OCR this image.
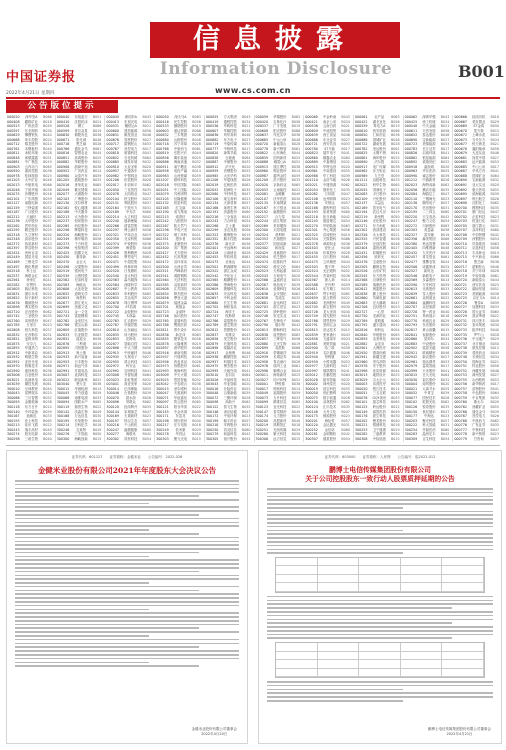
中国证券报
信息披露
Information Disclosure	B001
2022年4月21日 星期四	www.cs.com.cn
公告版位提示
000020 深华发A B066
000408 藏格矿业 B018
000523 广州浪奇 B049
000597 东北制药 B030
000629 攀钢钒钛 B044
000668 荣丰控股 B024
000712 锦龙股份 B014
000761 本钢板材 B040
000811 冰轮环境 B028
000848 承德露露 B051
000881 中广核技 B019
000903 云内动力 B065
000950 重药控股 B036
000978 桂林旅游 B025
001203 大中矿业 B048
002013 中航机电 B066
002048 宁波华翔 B038
002075 沙钢股份 B016
002101 广东鸿图 B059
002127 南极电商 B033
002159 三特索道 B052
002187 广百股份 B045
002212 天融信 B022
002236 大华股份 B037
002262 恩华药业 B061
002295 精艺股份 B029
002318 久立特材 B050
002348 高乐股份 B015
002372 伟星新材 B043
002397 梦洁股份 B034
002424 贵州百灵 B021
002449 国星光电 B058
002469 三维化学 B046
002497 雅化集团 B027
002518 科士达 B053
002537 海联金汇 B017
002561 徐家汇 B041
002582 好想你 B064
002605 姚记科技 B032
002631 德尔未来 B020
002652 扬子新材 B055
002676 顺威股份 B039
002698 博实股份 B026
002720 宏良股份 B062
002742 三圣股份 B035
002760 凤形股份 B047
002785 万里石 B023
002808 恒久科技 B057
002832 比音勒芬 B031
002851 麦格米特 B060
002875 安奈儿 B042
002893 华通热力 B054
002912 中新赛克 B063
002932 明德生物 B056
002952 亚世光电 B019
002970 锐明技术 B066
002990 盛视科技 B036
003006 百亚股份 B048
003021 兆威机电 B028
003039 顺控发展 B061
300010 豆神教育 B044
300043 星辉娱乐 B025
300066 三川智慧 B052
300093 金刚玻璃 B038
300118 东方日升 B014
300140 中环装备 B059
300167 迪威迅 B033
300193 佳士科技 B065
300213 佳讯飞鸿 B022
300243 瑞丰高材 B049
300274 阳光电源 B030
300298 三诺生物 B040
000040 东旭蓝天 B051
000410 沈阳机床 B024
000528	柳工	B066
000599 青岛双星 B019
000630 铜陵有色 B036
000671 阳光城 B048
000716 黑芝麻 B028
000766 通化金马 B061
000816 智慧农业 B044
000851 高鸿股份 B025
000882 华联股份 B052
000906 浙商中拓 B038
000952 广济药业 B014
000980 众泰汽车 B059
001205 盛航股份 B033
002016 世荣兆业 B065
002049 紫光国微 B022
002077 大港股份 B049
002103 广博股份 B030
002130 沃尔核材 B040
002162 悦心健康 B018
002188 中天服务 B029
002213 大为股份 B050
002237 恒邦股份 B015
002265 西仪股份 B043
002296 辉煌科技 B034
002320 海峡股份 B021
002349 精华制药 B058
002373 千方科技 B046
002398 垒知集团 B027
002425 凯撒文化 B053
002450 康得新 B017
002470 金正大 B041
002498 汉缆股份 B064
002519 银河电子 B032
002539 云图控股 B020
002562 兄弟科技 B055
002583 海能达 B039
002606 大连电瓷 B026
002632 道明光学 B062
002653 海思科 B035
002677 浙江美大 B047
002699 美盛文化 B023
002721 金一文化 B057
002743 富煌钢构 B031
002762 金发拉比 B060
002786 银宝山新 B042
002809 红墙股份 B054
002833 弘亚数控 B063
002852 道道全 B056
002876 三利谱 B019
002895 川恒股份 B066
002913 奥士康 B036
002933 新兴装备 B048
002953 日丰股份 B028
002971 和远气体 B061
002991 甘源食品 B044
003007 直真科技 B025
003022 联泓新科 B052
003040 楚天龙 B038
300012 华测检测 B014
300045 华力创通 B059
300068 南都电源 B033
300094 国联水产 B065
300119 瑞普生物 B022
300142 沃森生物 B049
300168 万达信息 B030
300195 长荣股份 B040
300214 日科化学 B018
300246 宝莱特 B029
300276 三丰智能 B050
300300 海峡创新 B015
000045 深纺织A B043
000413 东旭光电 B034
000531 穗恒运A B021
000600 建投能源 B058
000631 顺发恒业 B046
000676 智度股份 B027
000717 韶钢松山 B053
000767 晋控电力 B017
000818 航锦科技 B041
000852 石化机械 B064
000885 城发环境 B032
000910 大亚圣象 B020
000957 中通客车 B055
000982 中银绒业 B039
001206 依依股份 B026
002017 东信和平 B062
002050 三花智控 B035
002078 太阳纸业 B047
002104 恒宝股份 B023
002131 利欧股份 B057
002164 宁波东力 B031
002189 中光学 B060
002214 大立科技 B042
002240 盛新锂能 B054
002266 浙富控股 B063
002297 博云新材 B056
002321 华英农业 B019
002350 北京科锐 B066
002374 中锐股份 B036
002399 海普瑞 B048
002426 胜利精密 B028
002451 摩恩电气 B061
002471 中超控股 B044
002499 科林环保 B025
002520 日发精机 B052
002540 亚太科技 B038
002563 森马服饰 B014
002584 西陇科学 B059
002607 中公教育 B033
002633 申科股份 B065
002655 共达电声 B022
002678 珠江钢琴 B049
002700 ST浩源 B030
002722 金轮股份 B040
002745 木林森 B018
002763 汇洁股份 B029
002787 华源控股 B050
002810 山东赫达 B015
002835 同为股份 B043
002853 皮阿诺 B034
002877 智能自控 B021
002896 中大力德 B058
002915 中欣氟材 B046
002935 天奥电子 B027
002955 鸿合科技 B053
002972 科安达 B017
002992 宝明科技 B041
003008 开普检测 B064
003023 彩虹集团 B032
003041 真爱美家 B020
300014 亿纬锂能 B055
300046 台基股份 B039
300070 碧水源 B026
300096 易联众 B062
300120 经纬辉开 B035
300144 宋城演艺 B047
300169 天晟新材 B023
300197 铁汉生态 B057
300216 千山药机 B031
300247 融捷健康 B060
300277 海联讯 B042
300302 同有科技 B054
000050 深天马A B063
000416 民生控股 B056
000533 顺钠股份 B019
000603 盛达资源 B066
000632 三木集团 B036
000680 山推股份 B048
000718 苏宁环球 B028
000768 中航西飞 B061
000819 岳阳兴长 B044
000856 冀东装备 B025
000886 海南高速 B052
000911 南宁糖业 B038
000958 电投产融 B014
000983 山西焦煤 B059
001207 联科科技 B033
002018 华信国际 B065
002051 中工国际 B022
002079 苏州固锝 B049
002105 信隆健康 B030
002132 恒星科技 B040
002165 红宝丽 B018
002190 成飞集成 B029
002215 诺普信 B050
002242 九阳股份 B015
002267 陕天然气 B043
002298 中电兴发 B034
002322 理工环科 B021
002351 漫步者 B058
002375 亚厦股份 B046
002400 省广集团 B027
002427 尤夫股份 B053
002452 长高集团 B017
002472 双环传动 B041
002500 山西证券 B064
002521 齐峰新材 B032
002541 鸿路钢构 B020
002564 天沃科技 B055
002585 双星新材 B039
002608 江苏国信 B026
002634 棒杰股份 B062
002656 摩登大道 B035
002679 福建金森 B047
002701 奥瑞金 B023
002723 金莱特 B057
002746 仙坛股份 B031
002765 蓝黛科技 B060
002788 鹭燕医药 B042
002811 郑中设计 B054
002836 新宏泽 B063
002855 捷荣技术 B056
002878 元隆雅图 B019
002897 意华股份 B066
002916 深南电路 B036
002937 兴瑞科技 B048
002956 西麦食品 B028
002973 侨银股份 B061
002993 奥海科技 B044
003009 中天火箭 B025
003025 思进智能 B052
003042 中农联合 B038
300015 爱尔眼科 B014
300047 天源迪科 B059
300071 华谊嘉信 B033
300097 智云股份 B065
300121 阳谷华泰 B022
300145 中金环境 B049
300171 东富龙 B030
300198 纳川股份 B040
300217 东方电热 B018
300249 依米康 B029
300278 华昌达 B050
300303 聚飞光电 B015
000055 方大集团 B043
000419 通程控股 B034
000536 华映科技 B021
000607 华媒控股 B058
000636 风华高科 B046
000682 东方电子 B027
000719 中原传媒 B053
000777 中核科技 B017
000820 神雾节能 B041
000858 五粮液 B064
000887 中鼎股份 B032
000912 泸天化 B020
000959 首钢股份 B055
000985 大庆华科 B039
001208 华菱线缆 B026
002019 亿帆医药 B062
002052 同洲电子 B035
002080 中材科技 B047
002106 莱宝高科 B023
002134 天津普林 B057
002166 莱茵生物 B031
002191 劲嘉股份 B060
002216 三全食品 B042
002243 力合科创 B054
002268 卫士通 B063
002299 圣农发展 B056
002323 雅博股份 B019
002352 顺丰控股 B066
002376 新北洋 B036
002401 中远海科 B048
002428 云南锗业 B028
002453 华软科技 B061
002473 圣莱达 B044
002501 利源精制 B025
002522 浙江众成 B052
002542 中化岩土 B038
002565 顺灏股份 B014
002586 围海股份 B059
002609 捷顺科技 B033
002635 安洁科技 B065
002657 中科金财 B022
002680 长生生物 B049
002702 海欣食品 B030
002724 海洋王 B040
002747 埃斯顿 B018
002766 索菱股份 B029
002789 建艺集团 B050
002812 恩捷股份 B015
002837 英维克 B043
002856 美芝股份 B034
002879 长缆科技 B021
002898 赛隆药业 B058
002917 金奥博 B046
002938 鹏鼎控股 B027
002957 科瑞技术 B053
002975 博杰股份 B017
002995 天地在线 B041
003010 若羽臣 B064
003026 中晶科技 B032
003043 华亚智能 B020
300016 北陆药业 B055
300048 合康新能 B039
300072 三聚环保 B026
300098 高新兴 B062
300122 智飞生物 B035
300146 汤臣倍健 B047
300172 中电环保 B023
300199 翰宇药业 B057
300218 安利股份 B031
300250 初灵信息 B060
300279 和晶科技 B042
300305 裕兴股份 B054
000059 华锦股份 B063
000420 吉林化纤 B056
000537 广宇发展 B019
000608 阳光股份 B066
000637 茂化实华 B036
000685 中山公用 B048
000720 新能泰山 B028
000778 新兴铸管 B061
000822 山东海化 B044
000859 国风新材 B025
000888 峨眉山A B052
000913 钱江摩托 B038
000960 锡业股份 B014
000987 越秀金控 B059
001209 洪兴股份 B033
002020 京新药业 B065
002053 云南能投 B022
002081 金螳螂 B049
002107 沃华医药 B030
002135 东南网架 B040
002167 东方锆业 B018
002192 融捷股份 B029
002217 合力泰 B050
002244 滨江集团 B015
002269 美邦服饰 B043
002300 太阳电缆 B034
002324 普利特 B021
002353 杰瑞股份 B058
002377 国创高新 B046
002402 和而泰 B027
002429 兆驰股份 B053
002454 松芝股份 B017
002474 榕基软件 B041
002502 鼎龙文化 B064
002523 天桥起重 B032
002543 万和电气 B020
002566 益盛药业 B055
002587 奥拓电子 B039
002610 爱康科技 B026
002636 金安国纪 B062
002658 雪迪龙 B035
002681 奋达科技 B047
002703 浙江世宝 B023
002725 跃岭股份 B057
002748 世龙实业 B031
002767 先锋电子 B060
002790 瑞尔特 B042
002813 路畅科技 B054
002838 道恩股份 B063
002857 三晖电气 B056
002880 卫光生物 B019
002899 英派斯 B066
002918 蒙娜丽莎 B036
002939 长城证券 B048
002958 青农商行 B028
002976 瑞玛工业 B061
002996 顺博合金 B044
003011 海象新材 B025
003027 同兴环保 B052
300001 特锐德 B038
300017 网宿科技 B014
300049 福瑞股份 B059
300073 当升科技 B033
300099 精准信息 B065
300123 亚光科技 B022
300147 香雪制药 B049
300174 元力股份 B030
300200 高盟新材 B040
300219 鸿利智汇 B018
300251 光线传媒 B029
300280 紫天科技 B050
300306 远方信息 B015
000060 中金岭南 B043
000421 南京公用 B034
000538 云南白药 B021
000609 中迪投资 B058
000639 西王食品 B046
000686 东北证券 B027
000721 西安饮食 B053
000780 ST平能 B017
000823 超声电子 B041
000860 顺鑫农业 B064
000889 中嘉博创 B032
000915 华特达因 B020
000961 中南建设 B055
000988 华工科技 B039
001210 金房节能 B026
002021 中捷资源 B062
002054 德美化工 B035
002082 万邦德 B047
002108 沧州明珠 B023
002136 安纳达 B057
002168 惠程科技 B031
002193 如意集团 B060
002218 拓日新能 B042
002245 蔚蓝锂芯 B054
002270 华明装备 B063
002301 齐心集团 B056
002325 洪涛股份 B019
002354 天娱数科 B066
002378 章源钨业 B036
002403 爱仕达 B048
002430 杭氧股份 B028
002455 百川股份 B061
002475 立讯精密 B044
002503 搜于特 B025
002524 光正眼科 B052
002544 杰赛科技 B038
002567 唐人神 B014
002588 史丹利 B059
002611 东方精工 B033
002637 赞宇科技 B065
002659 凯文教育 B022
002682 龙洲股份 B049
002705 新宝股份 B030
002726 龙大美食 B040
002749 国光股份 B018
002768 国恩股份 B029
002791 坚朗五金 B050
002815 崇达技术 B015
002839 张家港行 B043
002858 力盛赛车 B034
002881 美格智能 B021
002900 哈三联 B058
002919 名臣健康 B046
002940 昂利康 B027
002959 小熊电器 B053
002977 天箭科技 B017
002997 瑞鹄模具 B041
003012 东鹏控股 B064
003028 振邦智能 B032
300002 神州泰岳 B020
300019 硅宝科技 B055
300050 世纪鼎利 B039
300075 数字政通 B026
300100 双林股份 B062
300124 汇川技术 B035
300148 天舟文化 B047
300175 朗源股份 B023
300201 海伦哲 B057
300220 金运激光 B031
300252 金信诺 B060
300281 金明精机 B042
300307 慈星股份 B054
000061 农产品 B063
000422 湖北宜化 B056
000539 粤电力A B019
000610 西安旅游 B066
000650 仁和药业 B036
000688 国城矿业 B048
000722 湖南发展 B028
000782 美达股份 B061
000825 太钢不锈 B044
000861 海印股份 B025
000890 法尔胜 B052
000917 电广传媒 B038
000962 东方钽业 B014
000989 九芝堂 B059
001211 双枪科技 B033
002022 科华生物 B065
002055 得润电子 B022
002083 孚日股份 B049
002109 兴化股份 B030
002137 实益达 B040
002169 智光电气 B018
002194 武汉凡谷 B029
002219 新里程 B050
002246 北化股份 B015
002271 东方雨虹 B043
002302 西部建设 B034
002326 永太科技 B021
002355 兴民智通 B058
002379 宏创控股 B046
002404 嘉欣丝绸 B027
002431 棕榈股份 B053
002456 欧菲光 B017
002476 宝莫股份 B041
002505 鹏都农牧 B064
002526 山东矿机 B032
002545 东方铁塔 B020
002568 百润股份 B055
002589 瑞康医药 B039
002612 朗姿股份 B026
002638 勤上股份 B062
002660 茂硕电源 B035
002683 宏大爆破 B047
002706 良信股份 B023
002727 一心堂 B057
002750 龙津药业 B031
002769 普路通 B060
002792 通宇通讯 B042
002816 和科达 B054
002840 华统股份 B063
002859 洁美科技 B056
002882 金龙羽 B019
002901 大博医疗 B066
002920 德赛西威 B036
002941 新疆交建 B048
002960 青鸟消防 B028
002978 安宁股份 B061
002998 优彩资源 B044
003013 地铁设计 B025
003029 吉大正元 B052
300003 乐普医疗 B038
300020 银江技术 B014
300051 三五互联 B059
300076 GQY视讯 B033
300101 振芯科技 B065
300125 聆达股份 B022
300149 睿智医药 B049
300176 派生科技 B030
300202 聚龙股份 B040
300221 银禧科技 B018
300253 卫宁健康 B029
300282 三盛教育 B050
300308 中际旭创 B015
000062 深圳华强 B043
000425 徐工机械 B034
000540 中天金融 B021
000611 天首发展 B058
000652 泰达股份 B046
000690 宝新能源 B027
000723 美锦能源 B053
000783 长江证券 B017
000826 启迪环境 B041
000862 银星能源 B064
000892 欢瑞世纪 B032
000918 嘉凯城 B020
000963 华东医药 B055
000990 诚志股份 B039
001212 中旗新材 B026
002023 海特高新 B062
002056 横店东磁 B035
002084 海鸥住工 B047
002110 三钢闽光 B023
002138 顺络电子 B057
002170 芭田股份 B031
002195 二三四五 B060
002220 天宝食品 B042
002247 聚力文化 B054
002272 川润股份 B063
002303 美盈森 B056
002327 富安娜 B019
002356 赫美集团 B066
002380 科远智慧 B036
002405 四维图新 B048
002432 九安医疗 B028
002457 青龙管业 B061
002477 雏鹰农牧 B044
002506 协鑫集成 B025
002527 新时达 B052
002546 新联电子 B038
002569 步森股份 B014
002590 万安科技 B059
002613 北玻股份 B033
002639 雪人股份 B065
002661 克明面业 B022
002684 猛狮科技 B049
002707 众信旅游 B030
002728 特一药业 B040
002751 易尚展示 B018
002770 科迪乳业 B029
002793 东音股份 B050
002817 黄山胶囊 B015
002841 视源股份 B043
002860 星帅尔 B034
002883 中设股份 B021
002902 铭普光磁 B058
002921 联诚精密 B046
002942 新农股份 B027
002961 瑞达期货 B053
002979 雷赛智能 B017
002999 天禾股份 B041
003015 日久光电 B064
003030 祖名股份 B032
300004 南风股份 B020
300021 大禹节水 B055
300052 中青宝 B039
300077 国民技术 B026
300102 乾照光电 B062
300126 锐奇股份 B035
300150 世纪瑞尔 B047
300177 中海达 B023
300203 聚光科技 B057
300222 科大智能 B031
300254 仟源医药 B060
300283 温州宏丰 B042
300309 吉艾科技 B054
000666 经纬纺机 B018
000667 美好置业 B029
000669 ST金鸿 B050
000670 盈方微 B015
000672 上峰水泥 B043
000673 当代东方 B034
000677 恒天海龙 B021
000678 襄阳轴承 B058
000679 大连友谊 B046
000681 视觉中国 B027
000683 远兴能源 B053
000685 中山公用 B017
000687 华讯方舟 B041
000688 国城矿业 B064
000690 宝新能源 B032
000691 亚太实业 B020
000692 惠天热电 B055
000695 滨海能源 B039
000697 炼石航空 B026
000698 沈阳化工 B062
000700 模塑科技 B035
000701 厦门信达 B047
000702 正虹科技 B023
000703 恒逸石化 B057
000705 浙江震元 B031
000707 双环科技 B060
000708 中信特钢 B042
000709 河钢股份 B054
000710 贝瑞基因 B063
000711 京蓝科技 B056
000713 丰乐种业 B019
000715 中兴商业 B066
000716 黑芝麻 B036
000717 韶钢松山 B048
000718 苏宁环球 B028
000719 中原传媒 B061
000720 新能泰山 B044
000721 西安饮食 B025
000722 湖南发展 B052
000723 美锦能源 B038
000725 京东方A B014
000726 鲁泰A B059
000727 冠捷科技 B033
000728 国元证券 B065
000729 燕京啤酒 B022
000731 四川美丰 B049
000732 泰禾集团 B030
000733 振华科技 B040
000735 罗牛山 B018
000736 中交地产 B029
000737 北方铜业 B050
000738 航发控制 B015
000739 普洛药业 B043
000748 长城信息 B034
000750 国海证券 B021
000751 锌业股份 B058
000752 西藏发展 B046
000753 漳州发展 B027
000755 山西路桥 B053
000756 新华制药 B017
000757 浩物股份 B041
000758 中色股份 B064
000759 中百集团 B032
000760 斯太尔 B020
000762 西藏矿业 B055
000766 通化金马 B039
000767 晋控电力 B026
000768 中航西飞 B062
000776 广发证券 B035
000777 中核科技 B047
000778 新兴铸管 B023
000779 甘咨询 B057
证券代码：601127　　证券简称：金健米业　　公告编号：2022-026
金健米业股份有限公司2021年年度股东大会决议公告
金健米业股份有限公司董事会
2022年4月20日
证券代码：603000　　证券简称：人民网　　公告编号：临2022-012
鹏博士电信传媒集团股份有限公司
关于公司控股股东一致行动人股票质押延期的公告
鹏博士电信传媒集团股份有限公司董事会
2022年4月21日
